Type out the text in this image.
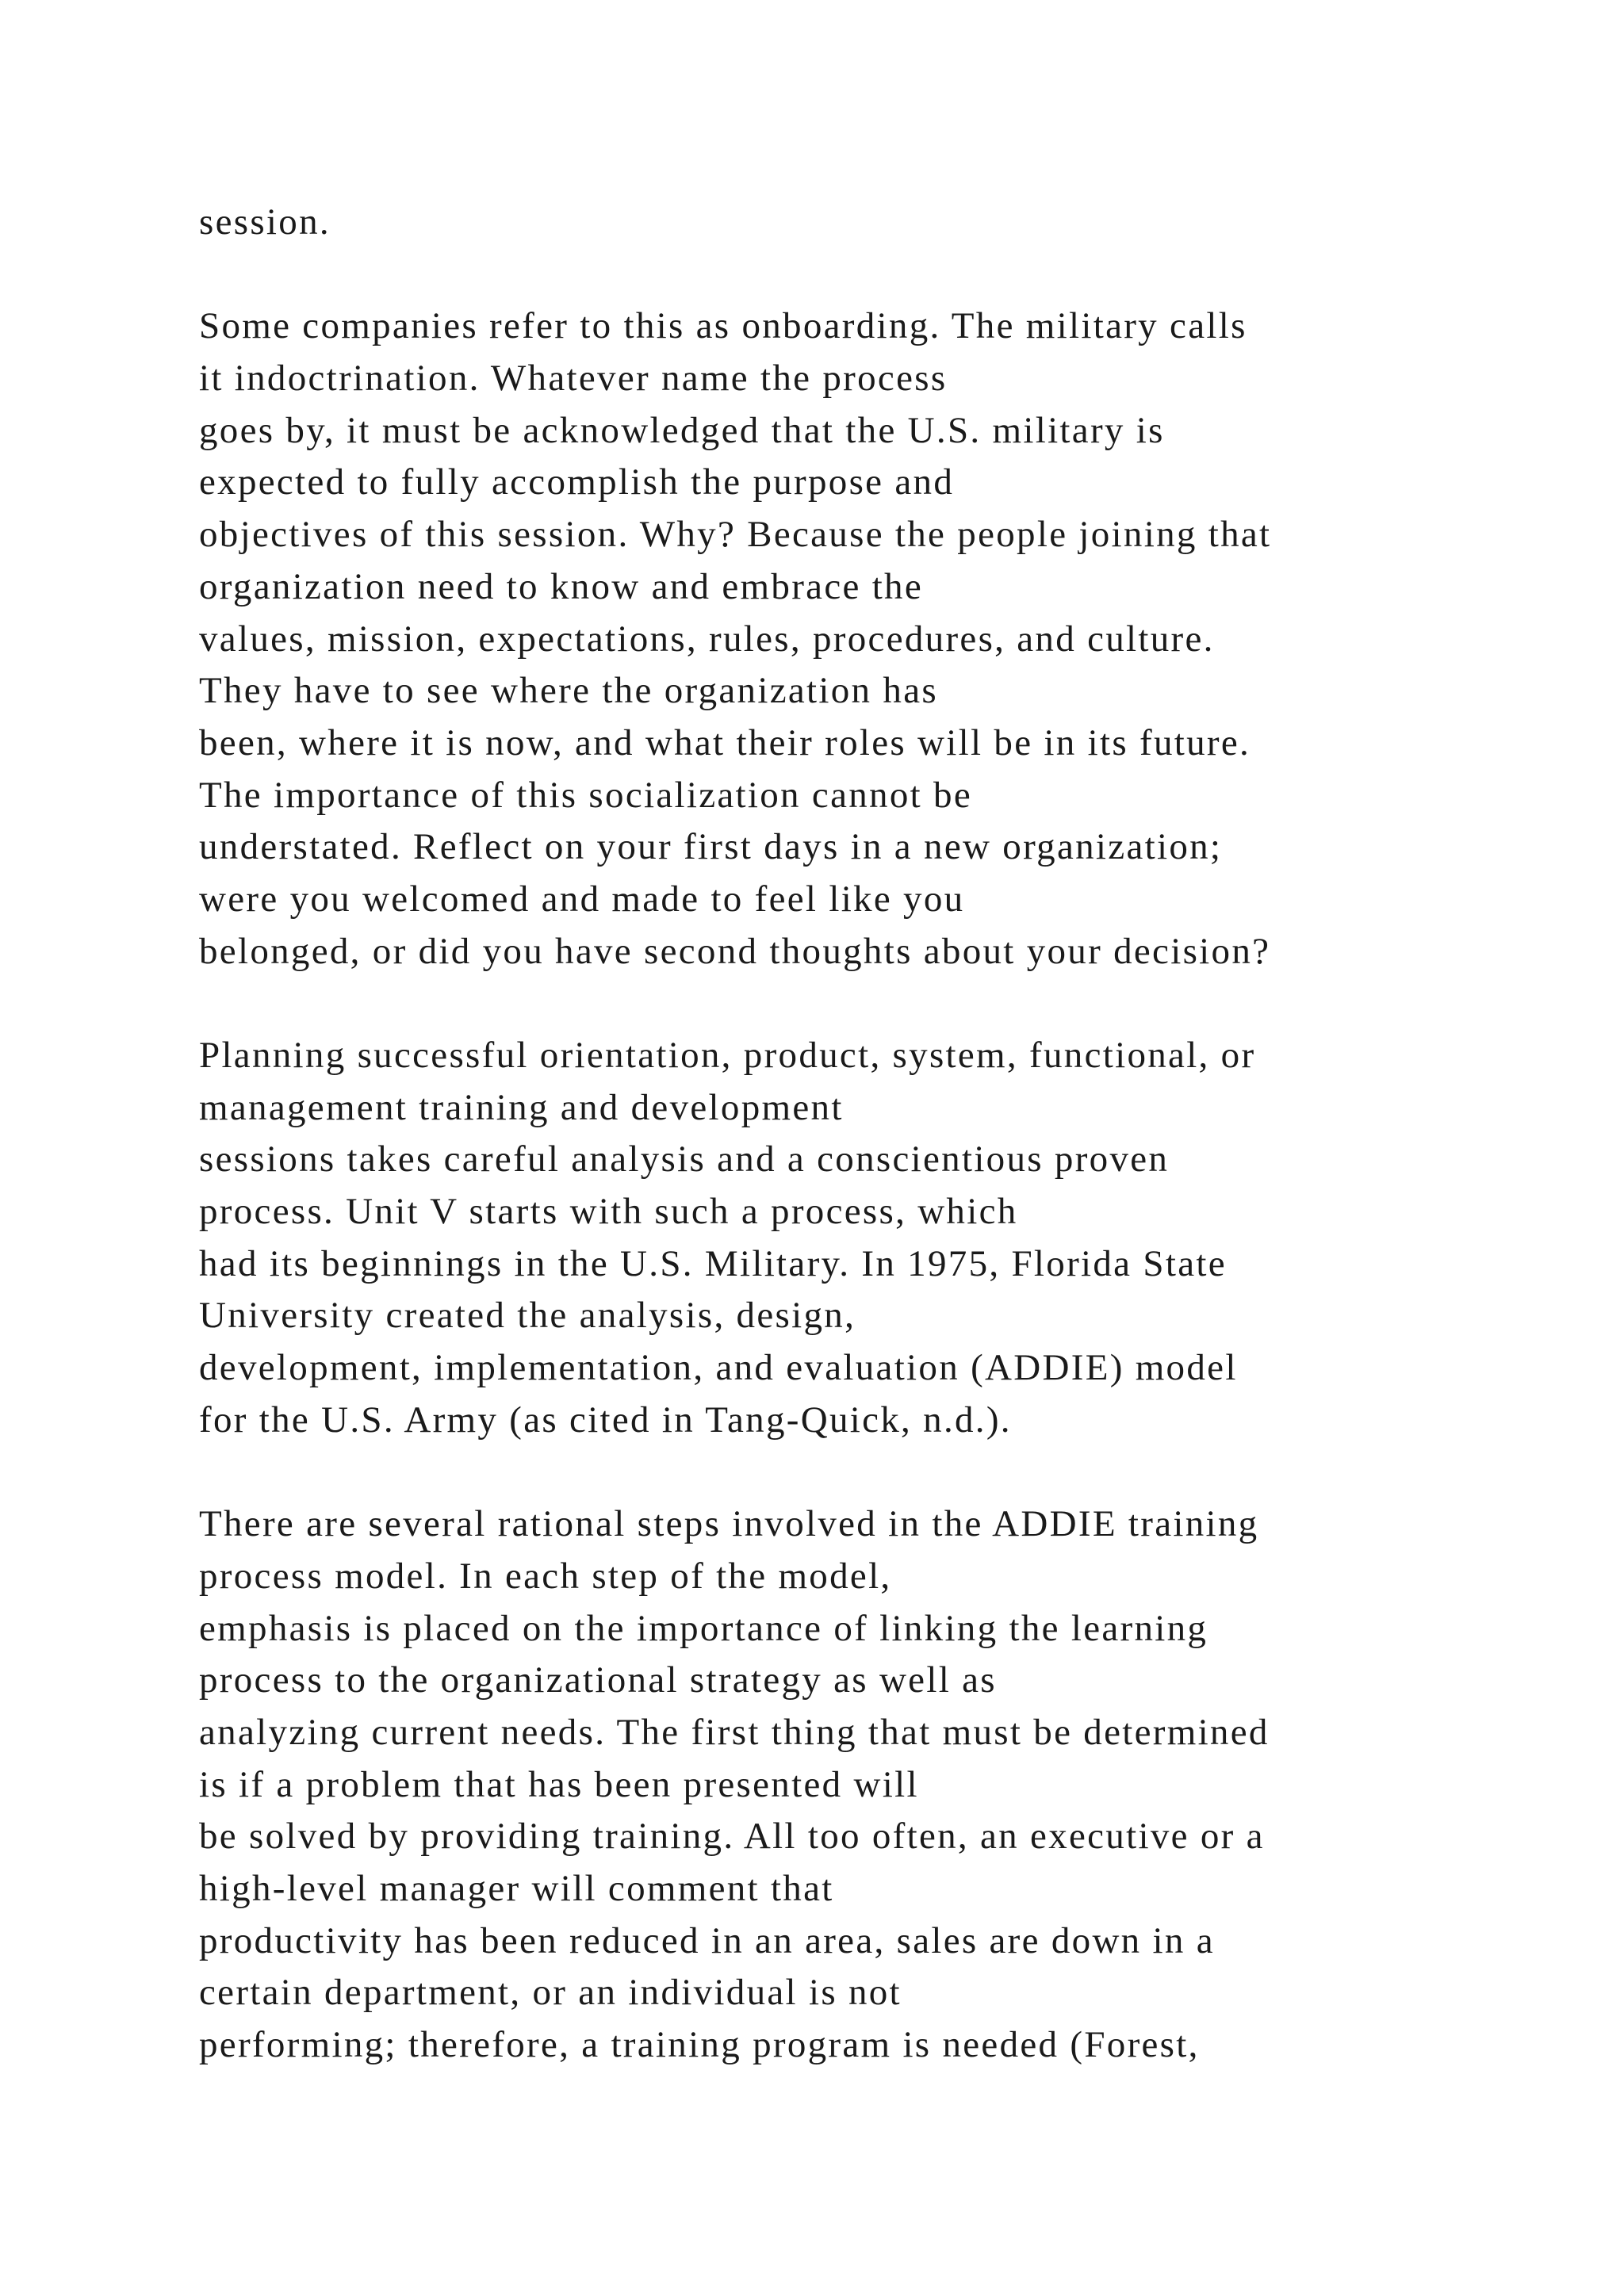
session.
Some companies refer to this as onboarding. The military calls
it indoctrination. Whatever name the process
goes by, it must be acknowledged that the U.S. military is
expected to fully accomplish the purpose and
objectives of this session. Why? Because the people joining that
organization need to know and embrace the
values, mission, expectations, rules, procedures, and culture.
They have to see where the organization has
been, where it is now, and what their roles will be in its future.
The importance of this socialization cannot be
understated. Reflect on your first days in a new organization;
were you welcomed and made to feel like you
belonged, or did you have second thoughts about your decision?
Planning successful orientation, product, system, functional, or
management training and development
sessions takes careful analysis and a conscientious proven
process. Unit V starts with such a process, which
had its beginnings in the U.S. Military. In 1975, Florida State
University created the analysis, design,
development, implementation, and evaluation (ADDIE) model
for the U.S. Army (as cited in Tang-Quick, n.d.).
There are several rational steps involved in the ADDIE training
process model. In each step of the model,
emphasis is placed on the importance of linking the learning
process to the organizational strategy as well as
analyzing current needs. The first thing that must be determined
is if a problem that has been presented will
be solved by providing training. All too often, an executive or a
high-level manager will comment that
productivity has been reduced in an area, sales are down in a
certain department, or an individual is not
performing; therefore, a training program is needed (Forest,
